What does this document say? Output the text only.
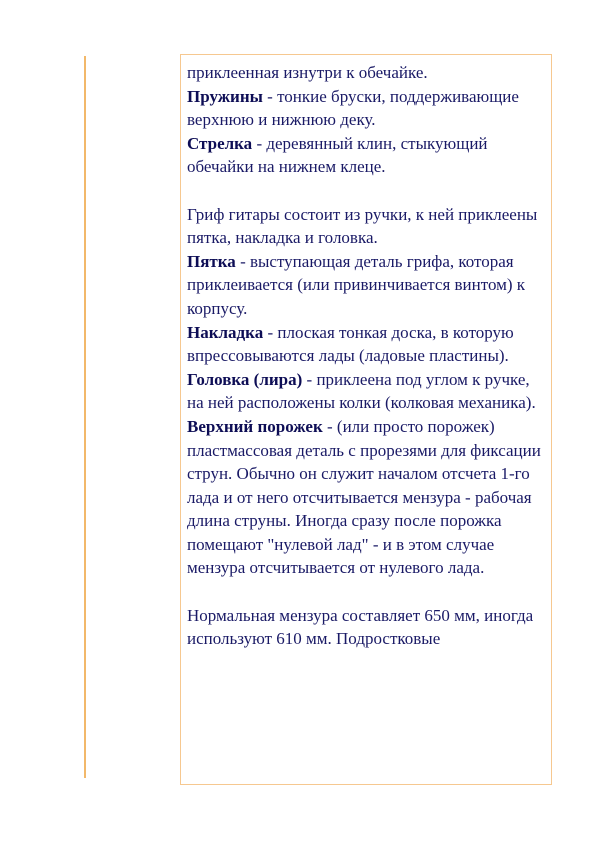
приклеенная изнутри к обечайке.

Пружины - тонкие бруски, поддерживающие верхнюю и нижнюю деку.

Стрелка - деревянный клин, стыкующий обечайки на нижнем клеце.

Гриф гитары состоит из ручки, к ней приклеены пятка, накладка и головка.

Пятка - выступающая деталь грифа, которая приклеивается (или привинчивается винтом) к корпусу.

Накладка - плоская тонкая доска, в которую впрессовываются лады (ладовые пластины).

Головка (лира) - приклеена под углом к ручке, на ней расположены колки (колковая механика).

Верхний порожек - (или просто порожек) пластмассовая деталь с прорезями для фиксации струн. Обычно он служит началом отсчета 1-го лада и от него отсчитывается мензура - рабочая длина струны. Иногда сразу после порожка помещают "нулевой лад" - и в этом случае мензура отсчитывается от нулевого лада.

Нормальная мензура составляет 650 мм, иногда используют 610 мм. Подростковые
